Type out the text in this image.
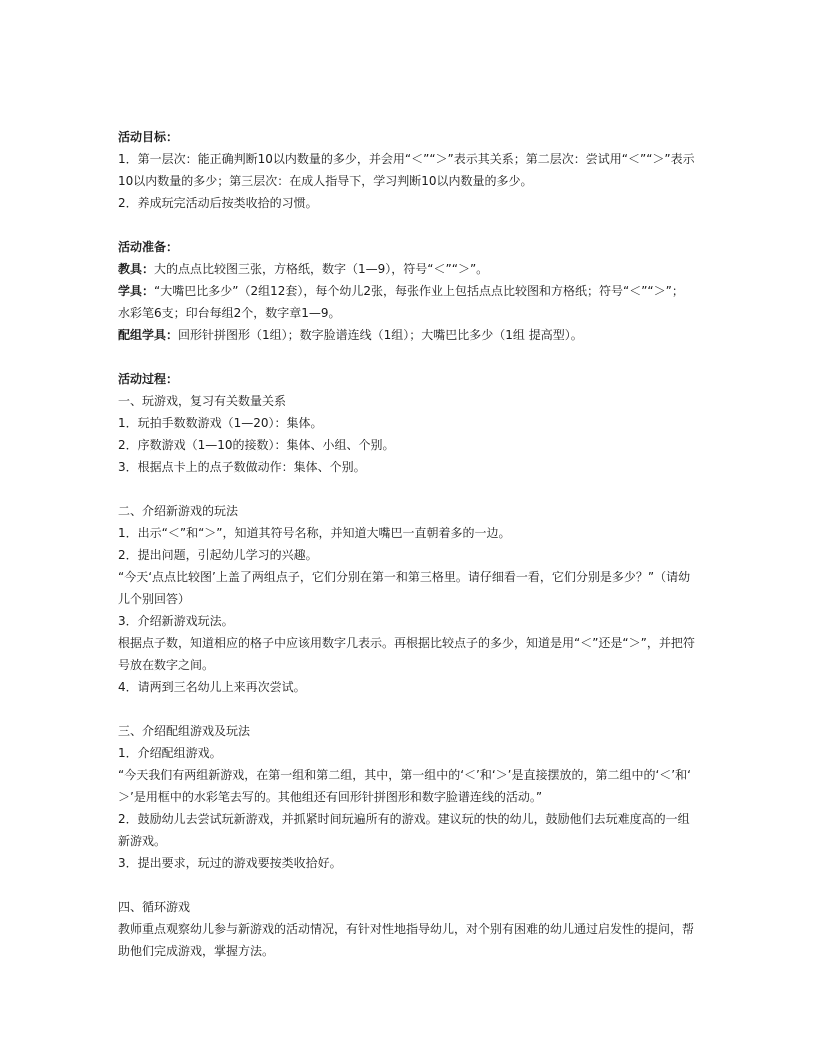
活动目标：
1．第一层次：能正确判断10以内数量的多少，并会用“＜”“＞”表示其关系；第二层次：尝试用“＜”“＞”表示
10以内数量的多少；第三层次：在成人指导下，学习判断10以内数量的多少。
2．养成玩完活动后按类收拾的习惯。
活动准备：
教具：大的点点比较图三张，方格纸，数字（1—9），符号“＜”“＞”。
学具：“大嘴巴比多少”（2组12套），每个幼儿2张，每张作业上包括点点比较图和方格纸；符号“＜”“＞”；
水彩笔6支；印台每组2个，数字章1—9。
配组学具：回形针拼图形（1组）；数字脸谱连线（1组）；大嘴巴比多少（1组 提高型）。
活动过程：
一、玩游戏，复习有关数量关系
1．玩拍手数数游戏（1—20）：集体。
2．序数游戏（1—10的接数）：集体、小组、个别。
3．根据点卡上的点子数做动作：集体、个别。
二、介绍新游戏的玩法
1．出示“＜”和“＞”，知道其符号名称，并知道大嘴巴一直朝着多的一边。
2．提出问题，引起幼儿学习的兴趣。
“今天‘点点比较图’上盖了两组点子，它们分别在第一和第三格里。请仔细看一看，它们分别是多少？”（请幼
儿个别回答）
3．介绍新游戏玩法。
根据点子数，知道相应的格子中应该用数字几表示。再根据比较点子的多少，知道是用“＜”还是“＞”，并把符
号放在数字之间。
4．请两到三名幼儿上来再次尝试。
三、介绍配组游戏及玩法
1．介绍配组游戏。
“今天我们有两组新游戏，在第一组和第二组，其中，第一组中的‘＜’和‘＞’是直接摆放的，第二组中的‘＜’和‘
＞’是用框中的水彩笔去写的。其他组还有回形针拼图形和数字脸谱连线的活动。”
2．鼓励幼儿去尝试玩新游戏，并抓紧时间玩遍所有的游戏。建议玩的快的幼儿，鼓励他们去玩难度高的一组
新游戏。
3．提出要求，玩过的游戏要按类收拾好。
四、循环游戏
教师重点观察幼儿参与新游戏的活动情况，有针对性地指导幼儿，对个别有困难的幼儿通过启发性的提问，帮
助他们完成游戏，掌握方法。
